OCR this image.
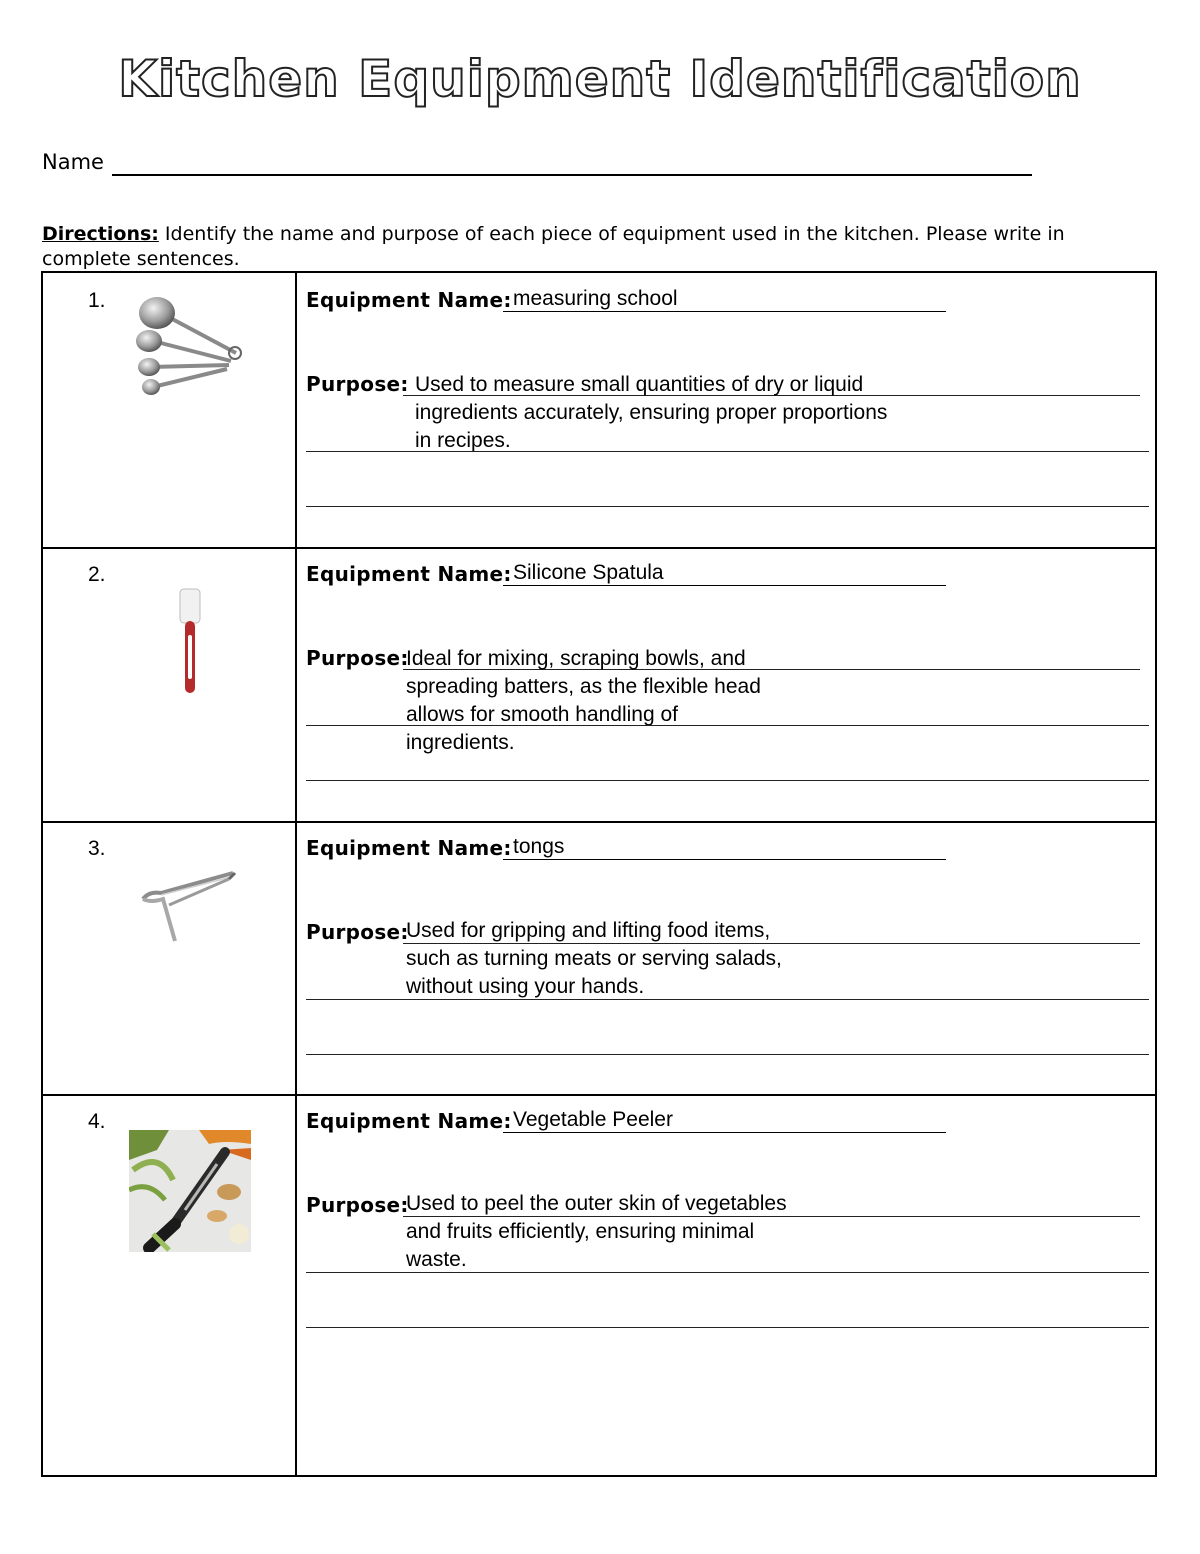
Kitchen Equipment Identification
Name
Directions: Identify the name and purpose of each piece of equipment used in the kitchen. Please write in complete sentences.
1.	Equipment Name: measuring school
Purpose: Used to measure small quantities of dry or liquid
ingredients accurately, ensuring proper proportions
in recipes.
2.	Equipment Name: Silicone Spatula
Purpose:
Ideal for mixing, scraping bowls, and
spreading batters, as the flexible head
allows for smooth handling of
ingredients.
3.	Equipment Name: tongs
Purpose:
Used for gripping and lifting food items,
such as turning meats or serving salads,
without using your hands.
4.	Equipment Name: Vegetable Peeler
Purpose:
Used to peel the outer skin of vegetables
and fruits efficiently, ensuring minimal
waste.
